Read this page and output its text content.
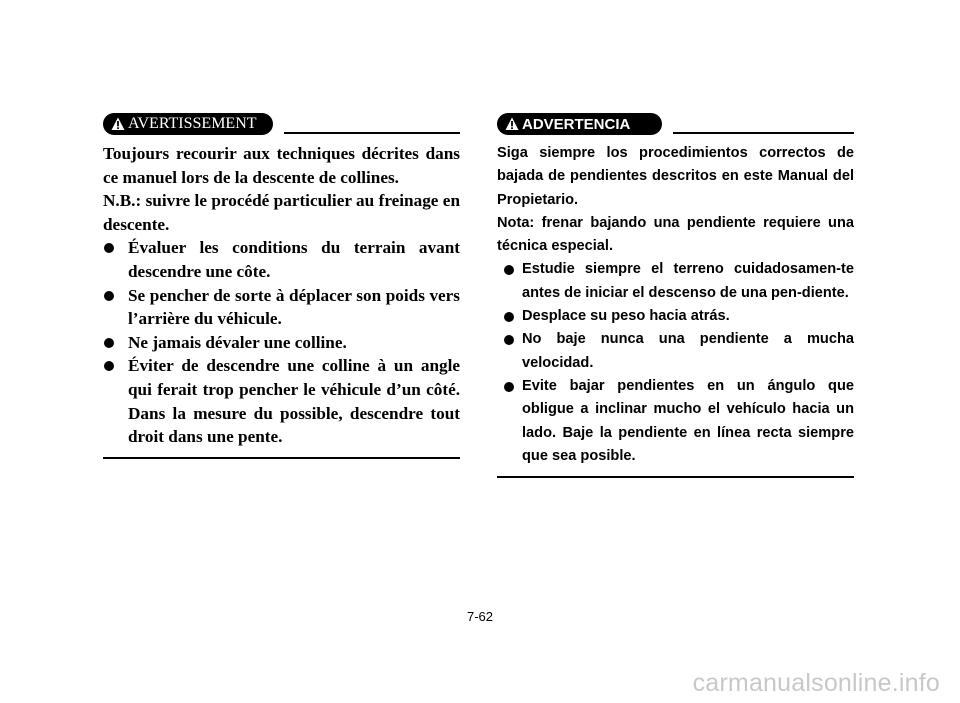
AVERTISSEMENT

Toujours recourir aux techniques décrites dans ce manuel lors de la descente de collines.

N.B.: suivre le procédé particulier au freinage en descente.

Évaluer les conditions du terrain avant descendre une côte.
Se pencher de sorte à déplacer son poids vers l’arrière du véhicule.
Ne jamais dévaler une colline.
Éviter de descendre une colline à un angle qui ferait trop pencher le véhicule d’un côté. Dans la mesure du possible, descendre tout droit dans une pente.
ADVERTENCIA

Siga siempre los procedimientos correctos de bajada de pendientes descritos en este Manual del Propietario.

Nota: frenar bajando una pendiente requiere una técnica especial.

Estudie siempre el terreno cuidadosamen-te antes de iniciar el descenso de una pen-diente.
Desplace su peso hacia atrás.
No baje nunca una pendiente a mucha velocidad.
Evite bajar pendientes en un ángulo que obligue a inclinar mucho el vehículo hacia un lado. Baje la pendiente en línea recta siempre que sea posible.
7-62
carmanualsonline.info
